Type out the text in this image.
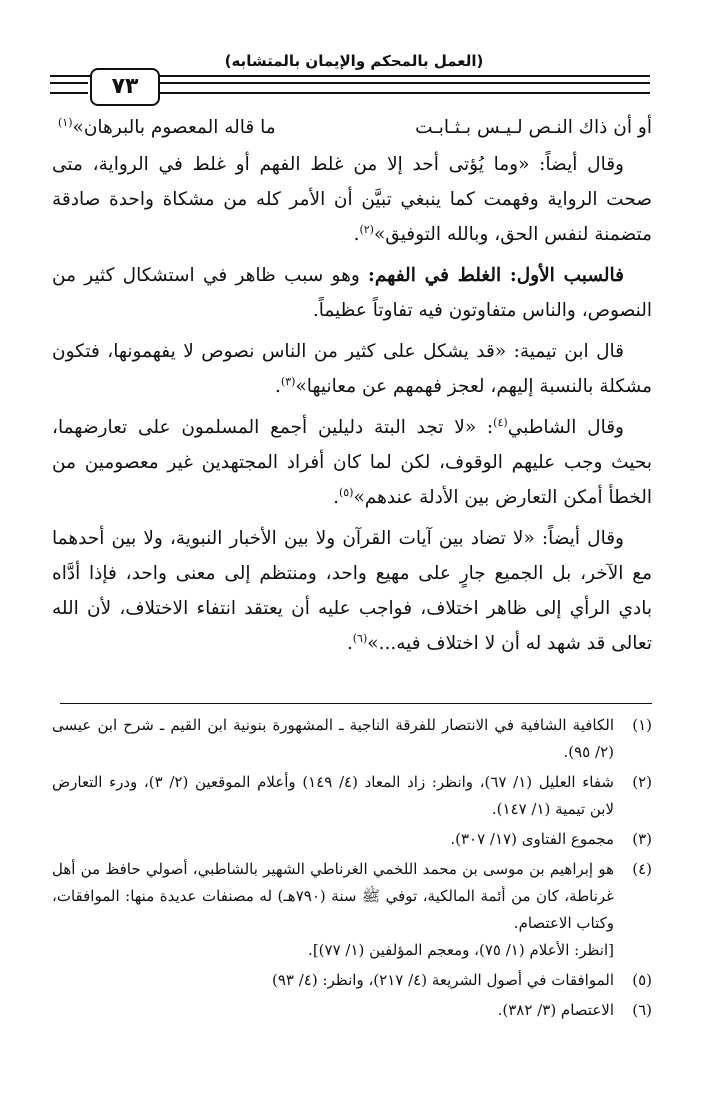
(العمل بالمحكم والإيمان بالمتشابه)
٧٣
أو أن ذاك النـص لـيـس بـثـابـت
ما قاله المعصوم بالبرهان»$^{(١)}$

وقال أيضاً: «وما يُؤتى أحد إلا من غلط الفهم أو غلط في الرواية، متى صحت الرواية وفهمت كما ينبغي تبيَّن أن الأمر كله من مشكاة واحدة صادقة متضمنة لنفس الحق، وبالله التوفيق»$^{(٢)}$.

فالسبب الأول: الغلط في الفهم: وهو سبب ظاهر في استشكال كثير من النصوص، والناس متفاوتون فيه تفاوتاً عظيماً.

قال ابن تيمية: «قد يشكل على كثير من الناس نصوص لا يفهمونها، فتكون مشكلة بالنسبة إليهم، لعجز فهمهم عن معانيها»$^{(٣)}$.

وقال الشاطبي$^{(٤)}$: «لا تجد البتة دليلين أجمع المسلمون على تعارضهما، بحيث وجب عليهم الوقوف، لكن لما كان أفراد المجتهدين غير معصومين من الخطأ أمكن التعارض بين الأدلة عندهم»$^{(٥)}$.

وقال أيضاً: «لا تضاد بين آيات القرآن ولا بين الأخبار النبوية، ولا بين أحدهما مع الآخر، بل الجميع جارٍ على مهيع واحد، ومنتظم إلى معنى واحد، فإذا أدَّاه بادي الرأي إلى ظاهر اختلاف، فواجب عليه أن يعتقد انتفاء الاختلاف، لأن الله تعالى قد شهد له أن لا اختلاف فيه...»$^{(٦)}$.

(١)
الكافية الشافية في الانتصار للفرقة الناجية ـ المشهورة بنونية ابن القيم ـ شرح ابن عيسى (٢/ ٩٥).
(٢)
شفاء العليل (١/ ٦٧)، وانظر: زاد المعاد (٤/ ١٤٩) وأعلام الموقعين (٢/ ٣)، ودرء التعارض لابن تيمية (١/ ١٤٧).
(٣)
مجموع الفتاوى (١٧/ ٣٠٧).
(٤)
هو إبراهيم بن موسى بن محمد اللخمي الغرناطي الشهير بالشاطبي، أصولي حافظ من أهل غرناطة، كان من أئمة المالكية، توفي ﷺ سنة (٧٩٠هـ) له مصنفات عديدة منها: الموافقات، وكتاب الاعتصام.
[انظر: الأعلام (١/ ٧٥)، ومعجم المؤلفين (١/ ٧٧)].
(٥)
الموافقات في أصول الشريعة (٤/ ٢١٧)، وانظر: (٤/ ٩٣)
(٦)
الاعتصام (٣/ ٣٨٢).
